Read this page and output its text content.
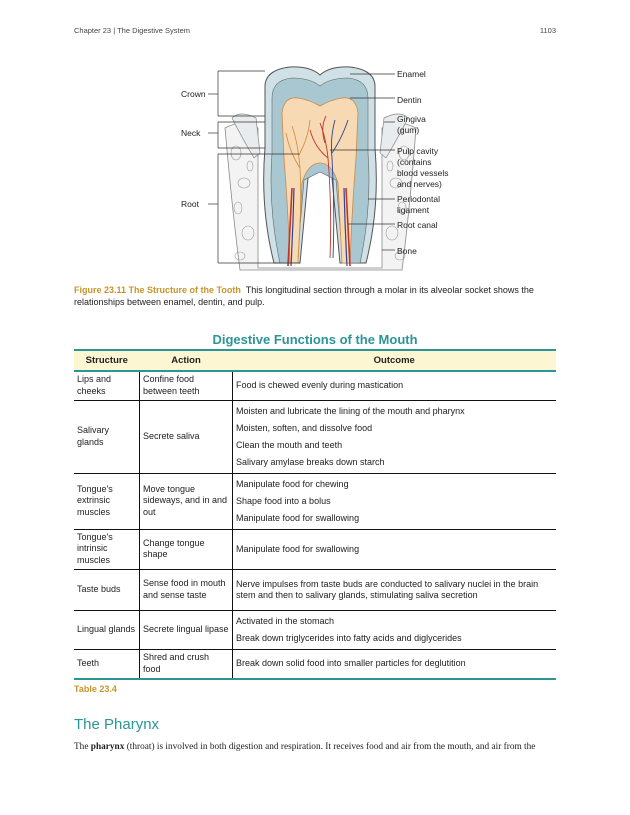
Chapter 23 | The Digestive System	1103
Crown
Neck
Root
Enamel
Dentin
Gingiva (gum)
Pulp cavity (contains blood vessels and nerves)
Periodontal ligament
Root canal
Bone
Figure 23.11 The Structure of the Tooth This longitudinal section through a molar in its alveolar socket shows the relationships between enamel, dentin, and pulp.
Digestive Functions of the Mouth
Structure	Action	Outcome
Lips and cheeks	Confine food between teeth	Food is chewed evenly during mastication

Salivary glands	Secrete saliva	Moisten and lubricate the lining of the mouth and pharynx
Moisten, soften, and dissolve food
Clean the mouth and teeth
Salivary amylase breaks down starch

Tongue's extrinsic muscles	Move tongue sideways, and in and out	Manipulate food for chewing
Shape food into a bolus
Manipulate food for swallowing

Tongue's intrinsic muscles	Change tongue shape	Manipulate food for swallowing

Taste buds	Sense food in mouth and sense taste	Nerve impulses from taste buds are conducted to salivary nuclei in the brain stem and then to salivary glands, stimulating saliva secretion

Lingual glands	Secrete lingual lipase	Activated in the stomach
Break down triglycerides into fatty acids and diglycerides

Teeth	Shred and crush food	Break down solid food into smaller particles for deglutition
Table 23.4
The Pharynx
The pharynx (throat) is involved in both digestion and respiration. It receives food and air from the mouth, and air from the
